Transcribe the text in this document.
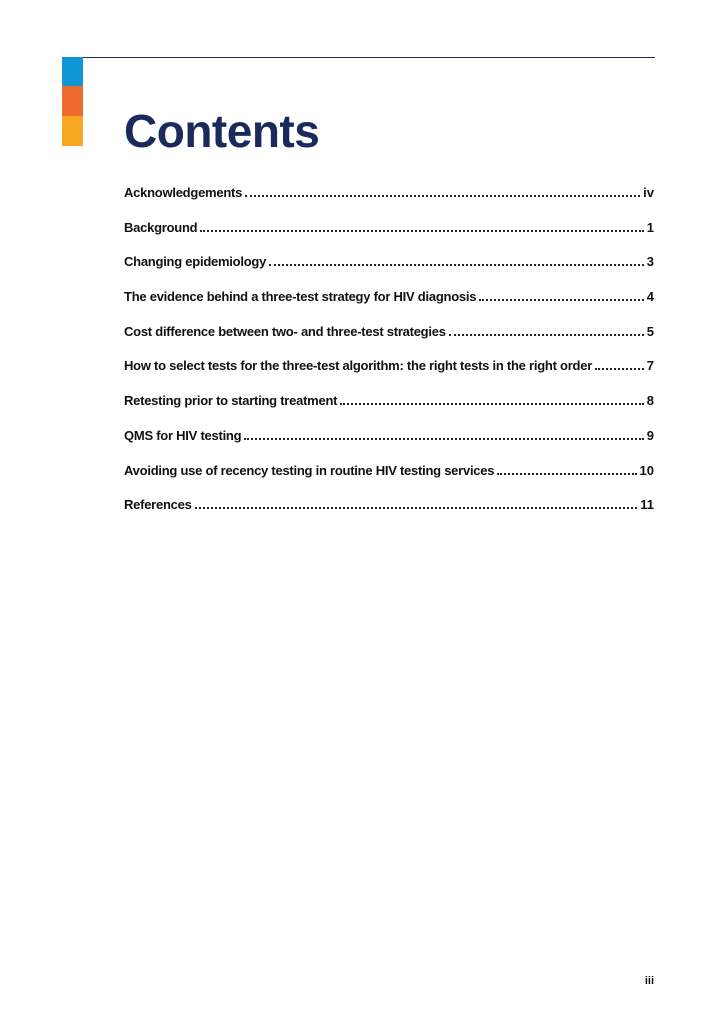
Contents
Acknowledgements	iv
Background	1
Changing epidemiology	3
The evidence behind a three-test strategy for HIV diagnosis	4
Cost difference between two- and three-test strategies	5
How to select tests for the three-test algorithm: the right tests in the right order	7
Retesting prior to starting treatment	8
QMS for HIV testing	9
Avoiding use of recency testing in routine HIV testing services	10
References	11
iii
